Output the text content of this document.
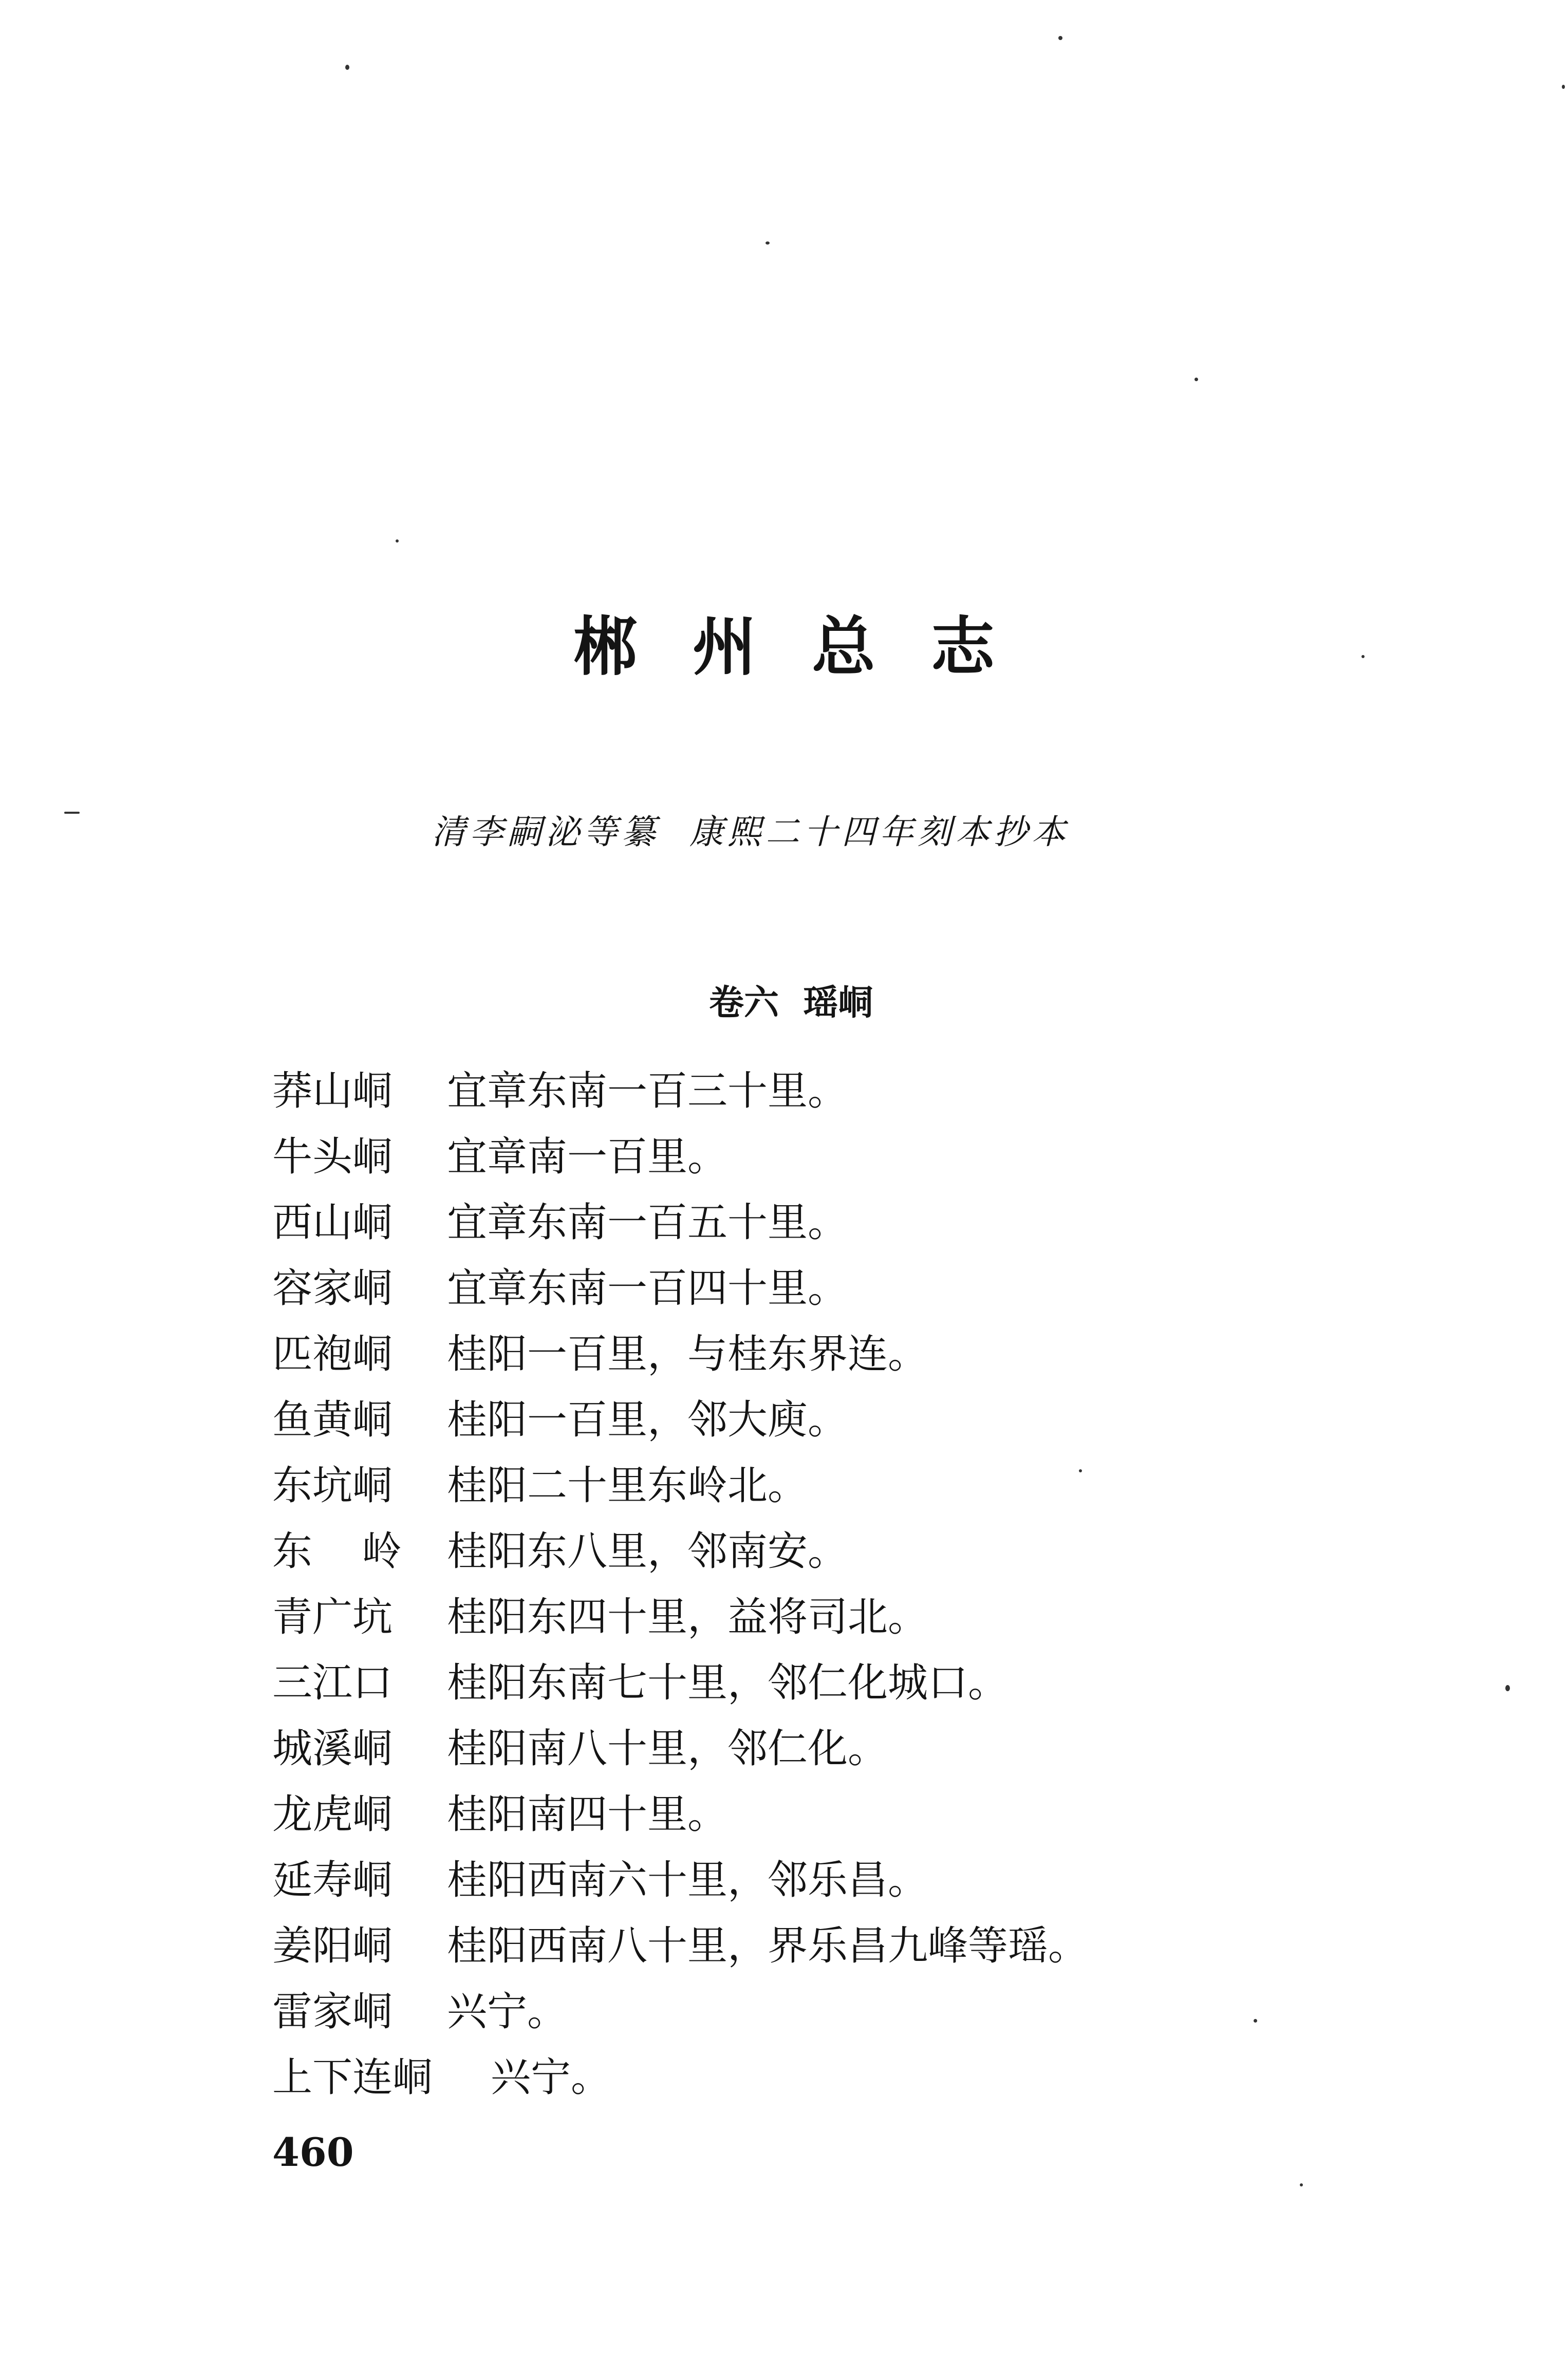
郴州总志
清李嗣泌等纂  康熙二十四年刻本抄本
卷六  瑶峒
莽山峒 宜章东南一百三十里。
牛头峒 宜章南一百里。
西山峒 宜章东南一百五十里。
容家峒 宜章东南一百四十里。
匹袍峒 桂阳一百里，与桂东界连。
鱼黄峒 桂阳一百里，邻大庾。
东坑峒 桂阳二十里东岭北。
东岭桂阳东八里，邻南安。
青广坑 桂阳东四十里，益将司北。
三江口 桂阳东南七十里，邻仁化城口。
城溪峒 桂阳南八十里，邻仁化。
龙虎峒 桂阳南四十里。
延寿峒 桂阳西南六十里，邻乐昌。
姜阳峒 桂阳西南八十里，界乐昌九峰等瑶。
雷家峒 兴宁。
上下连峒 兴宁。
460
